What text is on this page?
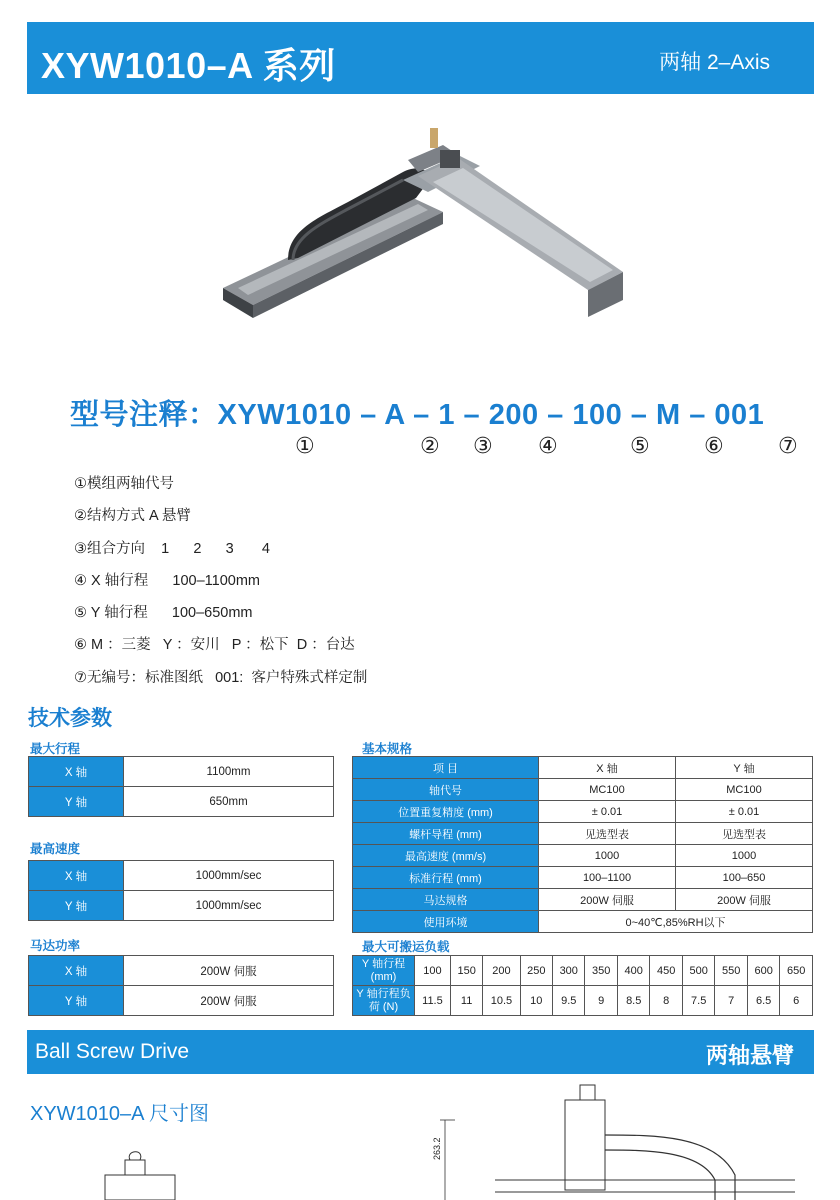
XYW1010–A 系列	两轴 2–Axis
型号注释：XYW1010 – A – 1 – 200 – 100 – M – 001
①	② ③ ④	⑤ ⑥ ⑦
①模组两轴代号
②结构方式 A 悬臂
③组合方向    1      2      3       4
④ X 轴行程      100–1100mm
⑤ Y 轴行程      100–650mm
⑥ M ：三菱   Y ：安川   P ：松下  D ：台达
⑦无编号：标准图纸   001:  客户特殊式样定制
技术参数
最大行程
X 轴	1100mm
Y 轴	650mm
最高速度
X 轴	1000mm/sec
Y 轴	1000mm/sec
马达功率
X 轴	200W 伺服
Y 轴	200W 伺服
基本规格
项 目	X 轴	Y 轴
轴代号	MC100	MC100
位置重复精度 (mm)	± 0.01	± 0.01
螺杆导程 (mm)	见选型表	见选型表
最高速度 (mm/s)	1000	1000
标准行程 (mm)	100–1100	100–650
马达规格	200W 伺服	200W 伺服
使用环境	0~40℃,85%RH以下	
最大可搬运负载
Y 轴行程
(mm)	100	150	200	250	300	350	400	450	500	550	600	650
Y 轴行程负
荷 (N)	11.5	11	10.5	10	9.5	9	8.5	8	7.5	7	6.5	6
Ball Screw Drive	两轴悬臂
XYW1010–A 尺寸图
263.2
